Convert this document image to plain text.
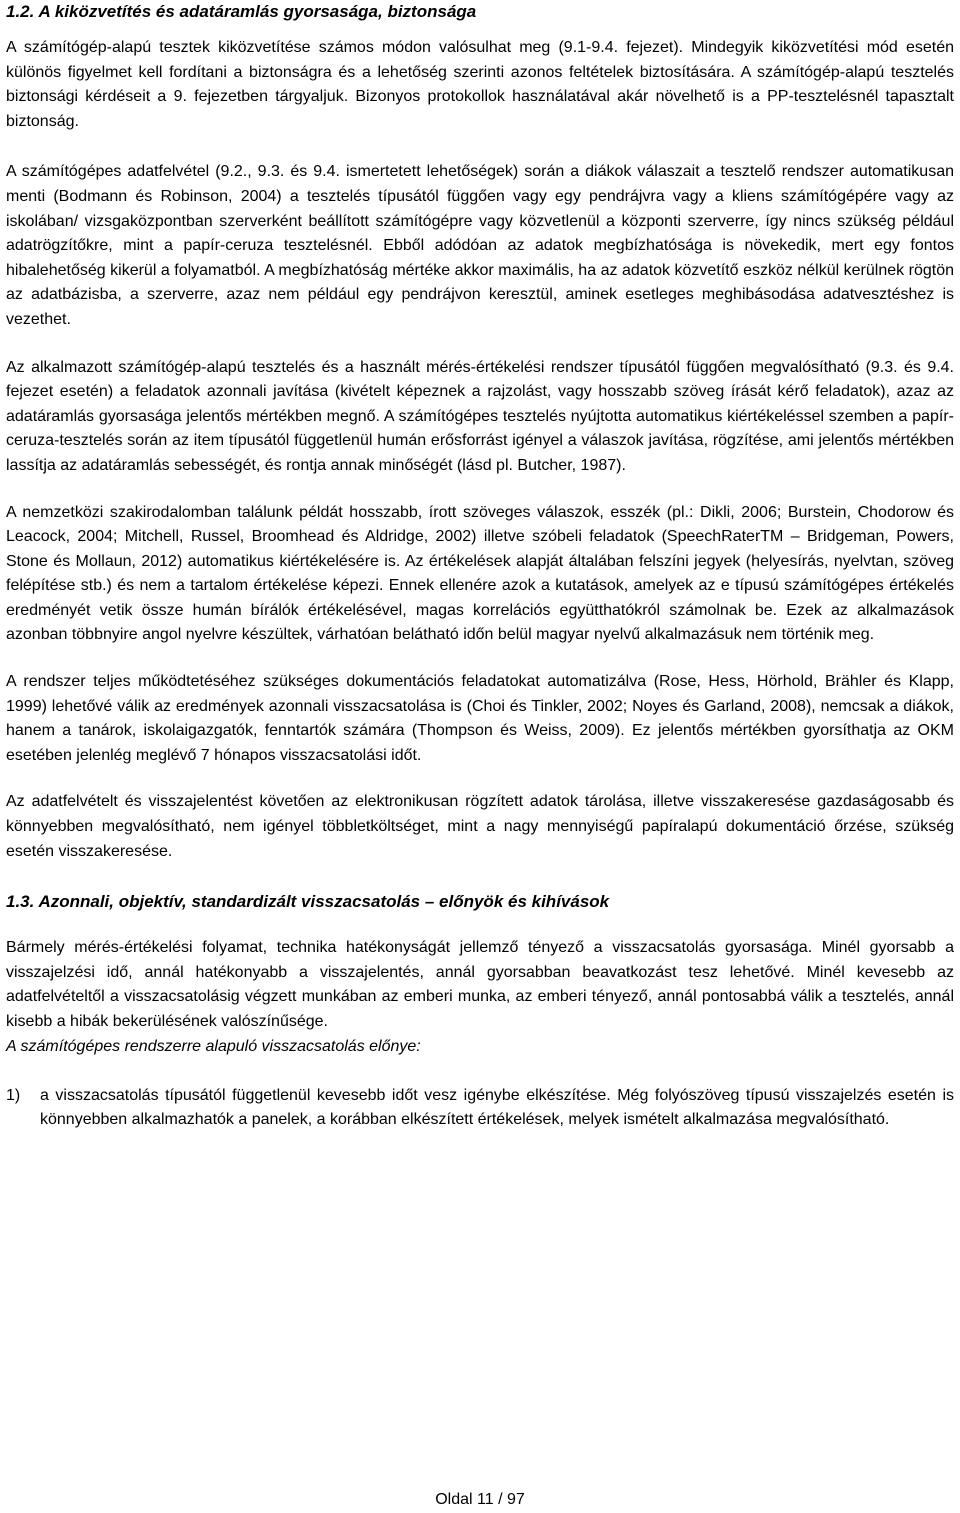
1.2. A kiközvetítés és adatáramlás gyorsasága, biztonsága

A számítógép-alapú tesztek kiközvetítése számos módon valósulhat meg (9.1-9.4. fejezet). Mindegyik kiközvetítési mód esetén különös figyelmet kell fordítani a biztonságra és a lehetőség szerinti azonos feltételek biztosítására. A számítógép-alapú tesztelés biztonsági kérdéseit a 9. fejezetben tárgyaljuk. Bizonyos protokollok használatával akár növelhető is a PP-tesztelésnél tapasztalt biztonság.

A számítógépes adatfelvétel (9.2., 9.3. és 9.4. ismertetett lehetőségek) során a diákok válaszait a tesztelő rendszer automatikusan menti (Bodmann és Robinson, 2004) a tesztelés típusától függően vagy egy pendrájvra vagy a kliens számítógépére vagy az iskolában/ vizsgaközpontban szerverként beállított számítógépre vagy közvetlenül a központi szerverre, így nincs szükség például adatrögzítőkre, mint a papír-ceruza tesztelésnél. Ebből adódóan az adatok megbízhatósága is növekedik, mert egy fontos hibalehetőség kikerül a folyamatból. A megbízhatóság mértéke akkor maximális, ha az adatok közvetítő eszköz nélkül kerülnek rögtön az adatbázisba, a szerverre, azaz nem például egy pendrájvon keresztül, aminek esetleges meghibásodása adatvesztéshez is vezethet.

Az alkalmazott számítógép-alapú tesztelés és a használt mérés-értékelési rendszer típusától függően megvalósítható (9.3. és 9.4. fejezet esetén) a feladatok azonnali javítása (kivételt képeznek a rajzolást, vagy hosszabb szöveg írását kérő feladatok), azaz az adatáramlás gyorsasága jelentős mértékben megnő. A számítógépes tesztelés nyújtotta automatikus kiértékeléssel szemben a papír-ceruza-tesztelés során az item típusától függetlenül humán erősforrást igényel a válaszok javítása, rögzítése, ami jelentős mértékben lassítja az adatáramlás sebességét, és rontja annak minőségét (lásd pl. Butcher, 1987).

A nemzetközi szakirodalomban találunk példát hosszabb, írott szöveges válaszok, esszék (pl.: Dikli, 2006; Burstein, Chodorow és Leacock, 2004; Mitchell, Russel, Broomhead és Aldridge, 2002) illetve szóbeli feladatok (SpeechRaterTM – Bridgeman, Powers, Stone és Mollaun, 2012) automatikus kiértékelésére is. Az értékelések alapját általában felszíni jegyek (helyesírás, nyelvtan, szöveg felépítése stb.) és nem a tartalom értékelése képezi. Ennek ellenére azok a kutatások, amelyek az e típusú számítógépes értékelés eredményét vetik össze humán bírálók értékelésével, magas korrelációs együtthatókról számolnak be. Ezek az alkalmazások azonban többnyire angol nyelvre készültek, várhatóan belátható időn belül magyar nyelvű alkalmazásuk nem történik meg.

A rendszer teljes működtetéséhez szükséges dokumentációs feladatokat automatizálva (Rose, Hess, Hörhold, Brähler és Klapp, 1999) lehetővé válik az eredmények azonnali visszacsatolása is (Choi és Tinkler, 2002; Noyes és Garland, 2008), nemcsak a diákok, hanem a tanárok, iskolaigazgatók, fenntartók számára (Thompson és Weiss, 2009). Ez jelentős mértékben gyorsíthatja az OKM esetében jelenlég meglévő 7 hónapos visszacsatolási időt.

Az adatfelvételt és visszajelentést követően az elektronikusan rögzített adatok tárolása, illetve visszakeresése gazdaságosabb és könnyebben megvalósítható, nem igényel többletköltséget, mint a nagy mennyiségű papíralapú dokumentáció őrzése, szükség esetén visszakeresése.

1.3. Azonnali, objektív, standardizált visszacsatolás – előnyök és kihívások

Bármely mérés-értékelési folyamat, technika hatékonyságát jellemző tényező a visszacsatolás gyorsasága. Minél gyorsabb a visszajelzési idő, annál hatékonyabb a visszajelentés, annál gyorsabban beavatkozást tesz lehetővé. Minél kevesebb az adatfelvételtől a visszacsatolásig végzett munkában az emberi munka, az emberi tényező, annál pontosabbá válik a tesztelés, annál kisebb a hibák bekerülésének valószínűsége.

A számítógépes rendszerre alapuló visszacsatolás előnye:

1)	a visszacsatolás típusától függetlenül kevesebb időt vesz igénybe elkészítése. Még folyószöveg típusú visszajelzés esetén is könnyebben alkalmazhatók a panelek, a korábban elkészített értékelések, melyek ismételt alkalmazása megvalósítható.
Oldal 11 / 97
